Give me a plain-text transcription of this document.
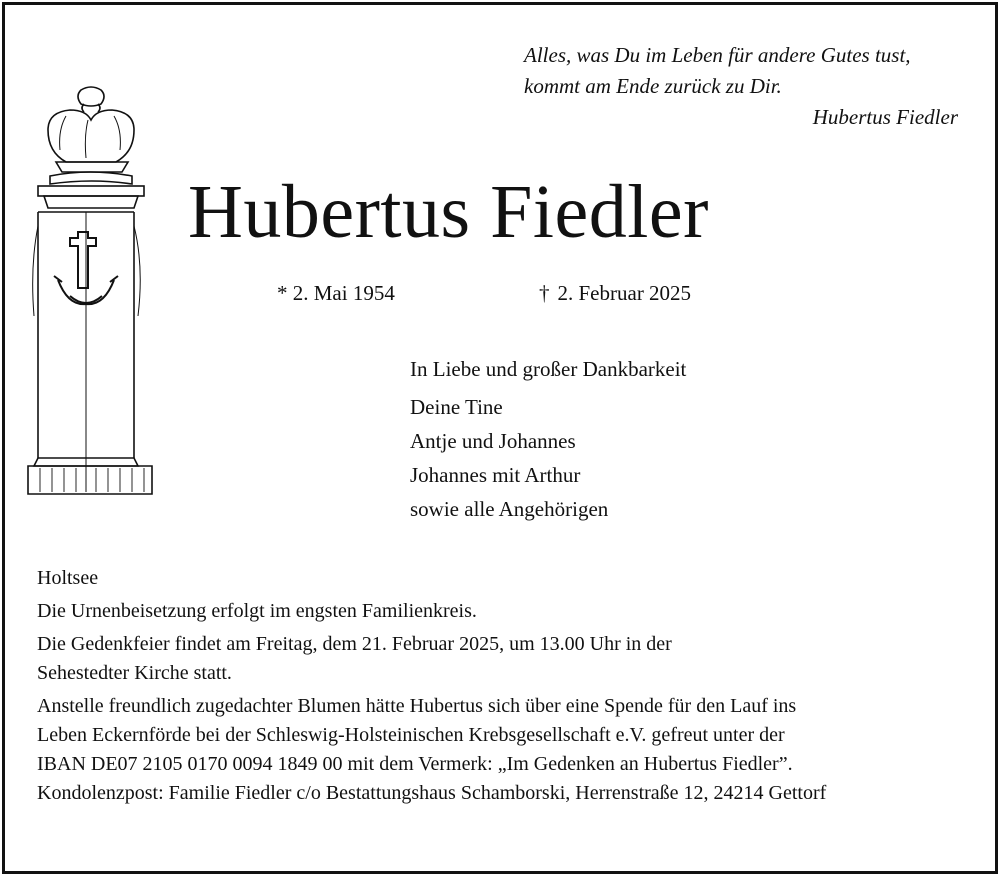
Alles, was Du im Leben für andere Gutes tust,
kommt am Ende zurück zu Dir.
Hubertus Fiedler
Hubertus Fiedler
* 2. Mai 1954	† 2. Februar 2025
In Liebe und großer Dankbarkeit
Deine Tine
Antje und Johannes
Johannes mit Arthur
sowie alle Angehörigen

Holtsee

Die Urnenbeisetzung erfolgt im engsten Familienkreis.

Die Gedenkfeier findet am Freitag, dem 21. Februar 2025, um 13.00 Uhr in der
Sehestedter Kirche statt.

Anstelle freundlich zugedachter Blumen hätte Hubertus sich über eine Spende für den Lauf ins
Leben Eckernförde bei der Schleswig-Holsteinischen Krebsgesellschaft e.V. gefreut unter der
IBAN DE07 2105 0170 0094 1849 00 mit dem Vermerk: „Im Gedenken an Hubertus Fiedler”.
Kondolenzpost: Familie Fiedler c/o Bestattungshaus Schamborski, Herrenstraße 12, 24214 Gettorf
